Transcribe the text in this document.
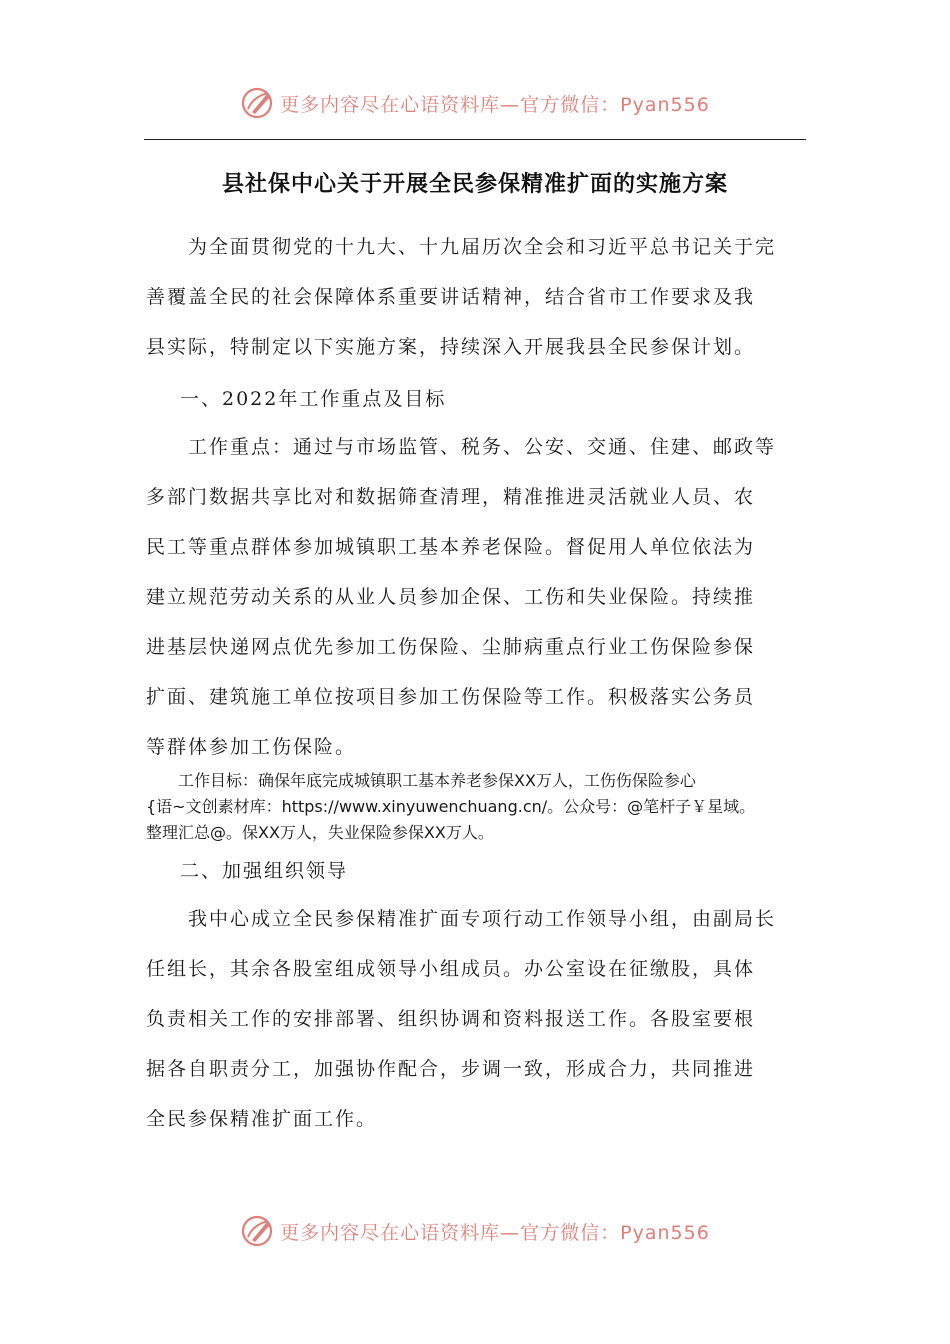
更多内容尽在心语资料库—官方微信：Pyan556
县社保中心关于开展全民参保精准扩面的实施方案
　　为全面贯彻党的十九大、十九届历次全会和习近平总书记关于完
善覆盖全民的社会保障体系重要讲话精神，结合省市工作要求及我
县实际，特制定以下实施方案，持续深入开展我县全民参保计划。
一、2022年工作重点及目标
　　工作重点：通过与市场监管、税务、公安、交通、住建、邮政等
多部门数据共享比对和数据筛查清理，精准推进灵活就业人员、农
民工等重点群体参加城镇职工基本养老保险。督促用人单位依法为
建立规范劳动关系的从业人员参加企保、工伤和失业保险。持续推
进基层快递网点优先参加工伤保险、尘肺病重点行业工伤保险参保
扩面、建筑施工单位按项目参加工伤保险等工作。积极落实公务员
等群体参加工伤保险。
　　工作目标：确保年底完成城镇职工基本养老参保XX万人，工伤伤保险参心
{语~文创素材库：https://www.xinyuwenchuang.cn/。公众号：@笔杆子￥星域。
整理汇总@。保XX万人，失业保险参保XX万人。
二、加强组织领导
　　我中心成立全民参保精准扩面专项行动工作领导小组，由副局长
任组长，其余各股室组成领导小组成员。办公室设在征缴股，具体
负责相关工作的安排部署、组织协调和资料报送工作。各股室要根
据各自职责分工，加强协作配合，步调一致，形成合力，共同推进
全民参保精准扩面工作。
更多内容尽在心语资料库—官方微信：Pyan556
